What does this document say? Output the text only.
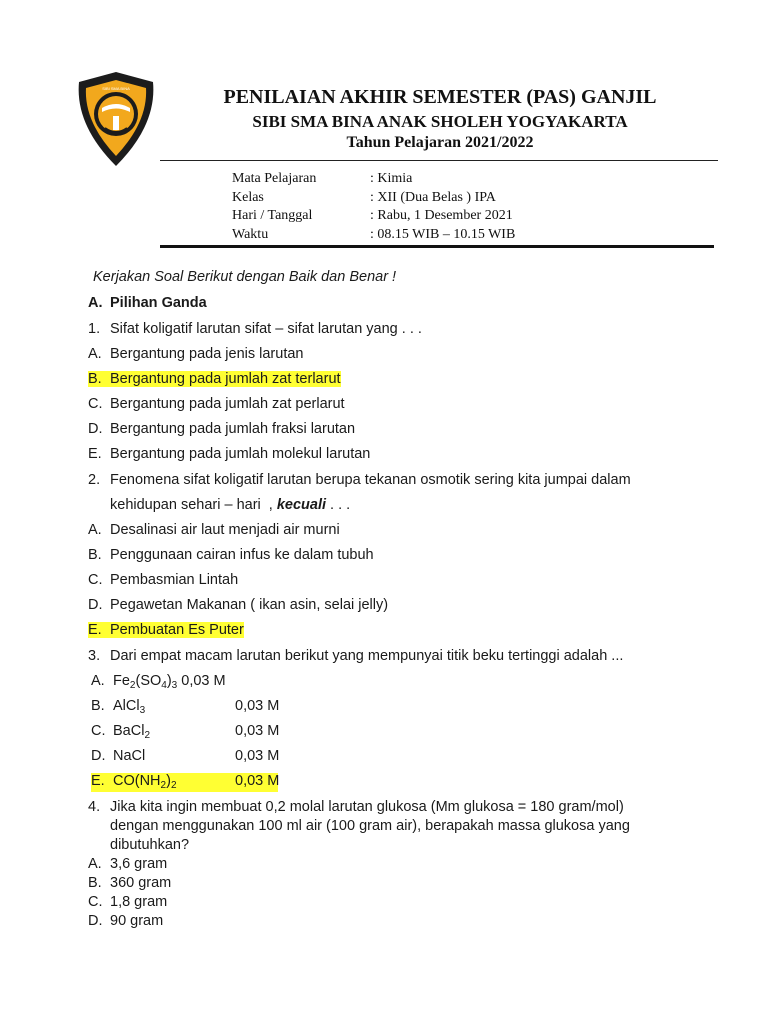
SIBI SMA BINA	PENILAIAN AKHIR SEMESTER (PAS) GANJIL
SIBI SMA BINA ANAK SHOLEH YOGYAKARTA
Tahun Pelajaran 2021/2022
Mata Pelajaran	: Kimia
Kelas	: XII (Dua Belas ) IPA
Hari / Tanggal	: Rabu, 1 Desember 2021
Waktu	: 08.15 WIB – 10.15 WIB
Kerjakan Soal Berikut dengan Baik dan Benar !
A. Pilihan Ganda
1. Sifat koligatif larutan sifat – sifat larutan yang . . .
A. Bergantung pada jenis larutan
B. Bergantung pada jumlah zat terlarut
C. Bergantung pada jumlah zat perlarut
D. Bergantung pada jumlah fraksi larutan
E. Bergantung pada jumlah molekul larutan
2. Fenomena sifat koligatif larutan berupa tekanan osmotik sering kita jumpai dalam
kehidupan sehari – hari  , kecuali . . .
A. Desalinasi air laut menjadi air murni
B. Penggunaan cairan infus ke dalam tubuh
C. Pembasmian Lintah
D. Pegawetan Makanan ( ikan asin, selai jelly)
E. Pembuatan Es Puter
3. Dari empat macam larutan berikut yang mempunyai titik beku tertinggi adalah ...
A. $Fe_2(SO_4)_3$ 0,03 M
B. AlCl$_3$	0,03 M
C. BaCl$_2$	0,03 M
D. NaCl	0,03 M
E. $CO(NH_2)_2$	0,03 M
4. Jika kita ingin membuat 0,2 molal larutan glukosa (Mm glukosa = 180 gram/mol)
dengan menggunakan 100 ml air (100 gram air), berapakah massa glukosa yang
dibutuhkan?
A. 3,6 gram
B. 360 gram
C. 1,8 gram
D. 90 gram
